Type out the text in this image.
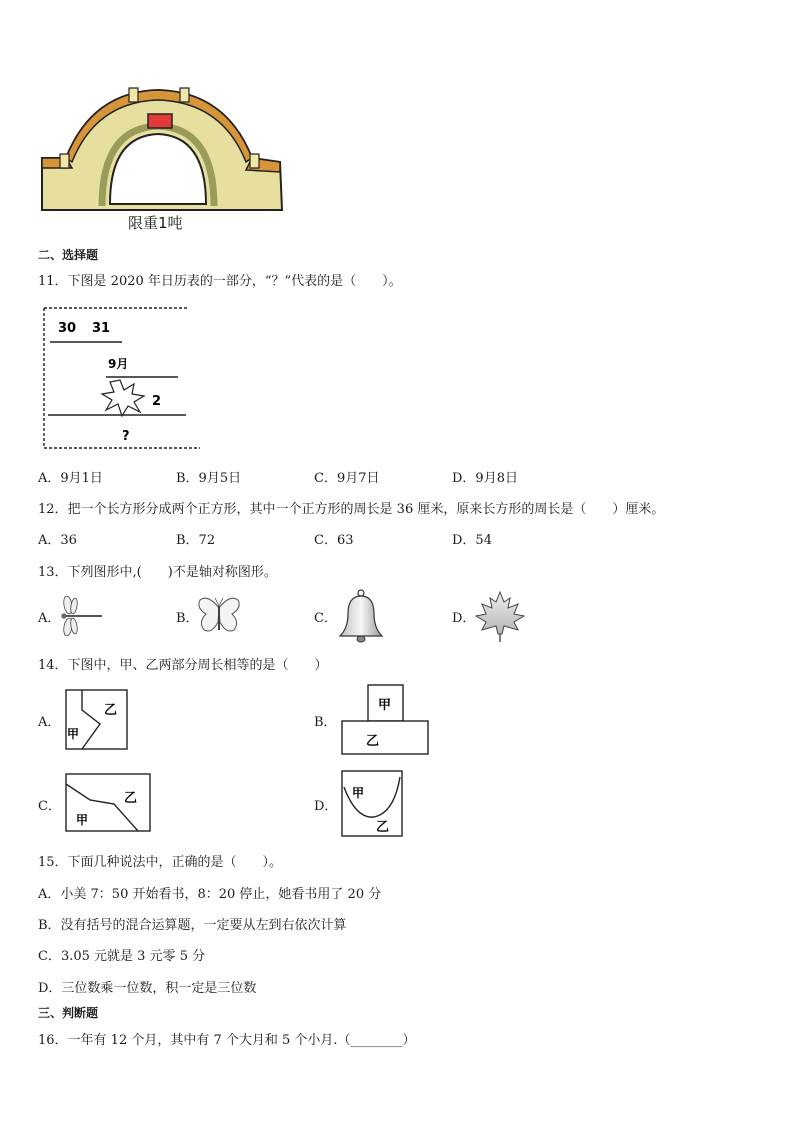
限重1吨
二、选择题
11．下图是 2020 年日历表的一部分，“？”代表的是（　　）。
30 31
9月
2
?
A．9月1日	B．9月5日	C．9月7日	D．9月8日
12．把一个长方形分成两个正方形，其中一个正方形的周长是 36 厘米，原来长方形的周长是（　　）厘米。
A．36	B．72	C．63	D．54
13．下列图形中,(　　)不是轴对称图形。
A．	B．	C．	D．
14．下图中，甲、乙两部分周长相等的是（　　）
A．
甲
乙
B．
甲
乙
C．
甲
乙
D．
甲
乙
15．下面几种说法中，正确的是（　　）。
A．小美 7：50 开始看书，8：20 停止，她看书用了 20 分
B．没有括号的混合运算题，一定要从左到右依次计算
C．3.05 元就是 3 元零 5 分
D．三位数乘一位数，积一定是三位数
三、判断题
16．一年有 12 个月，其中有 7 个大月和 5 个小月.（________）
